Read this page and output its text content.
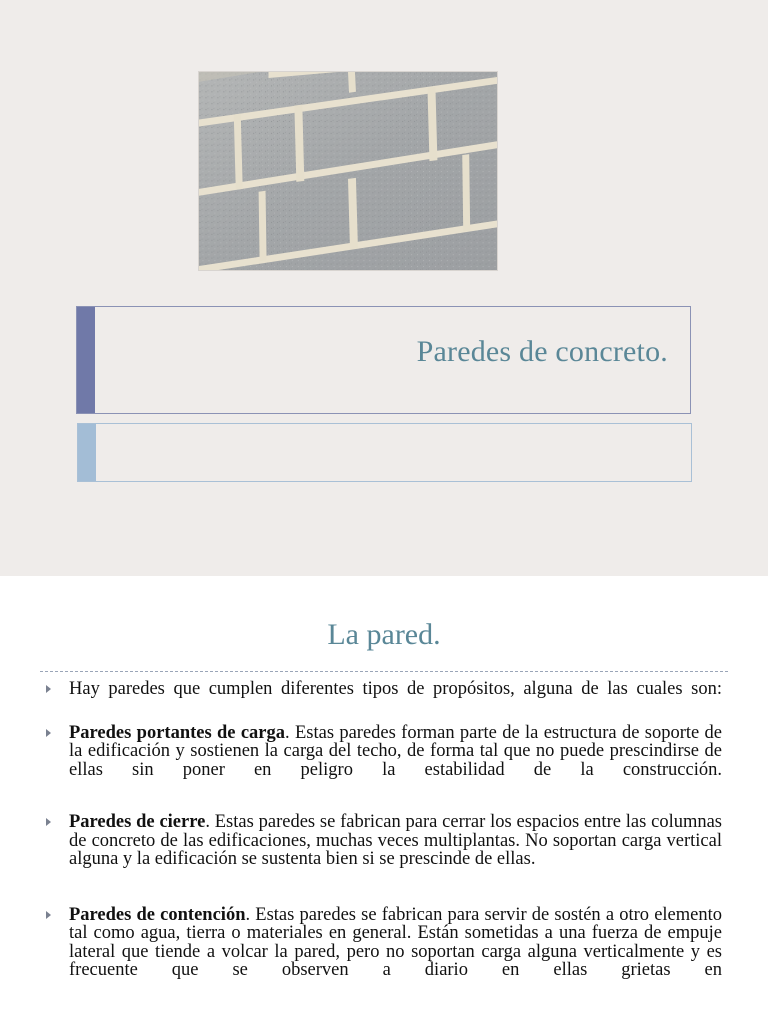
Paredes de concreto.
La pared.
Hay paredes que cumplen diferentes tipos de propósitos, alguna de las cuales son:
Paredes portantes de carga. Estas paredes forman parte de la estructura de soporte de la edificación y sostienen la carga del techo, de forma tal que no puede prescindirse de ellas sin poner en peligro la estabilidad de la construcción.
Paredes de cierre. Estas paredes se fabrican para cerrar los espacios entre las columnas de concreto de las edificaciones, muchas veces multiplantas. No soportan carga vertical alguna y la edificación se sustenta bien si se prescinde de ellas.
Paredes de contención. Estas paredes se fabrican para servir de sostén a otro elemento tal como agua, tierra o materiales en general. Están sometidas a una fuerza de empuje lateral que tiende a volcar la pared, pero no soportan carga alguna verticalmente y es frecuente que se observen a diario en ellas grietas en
